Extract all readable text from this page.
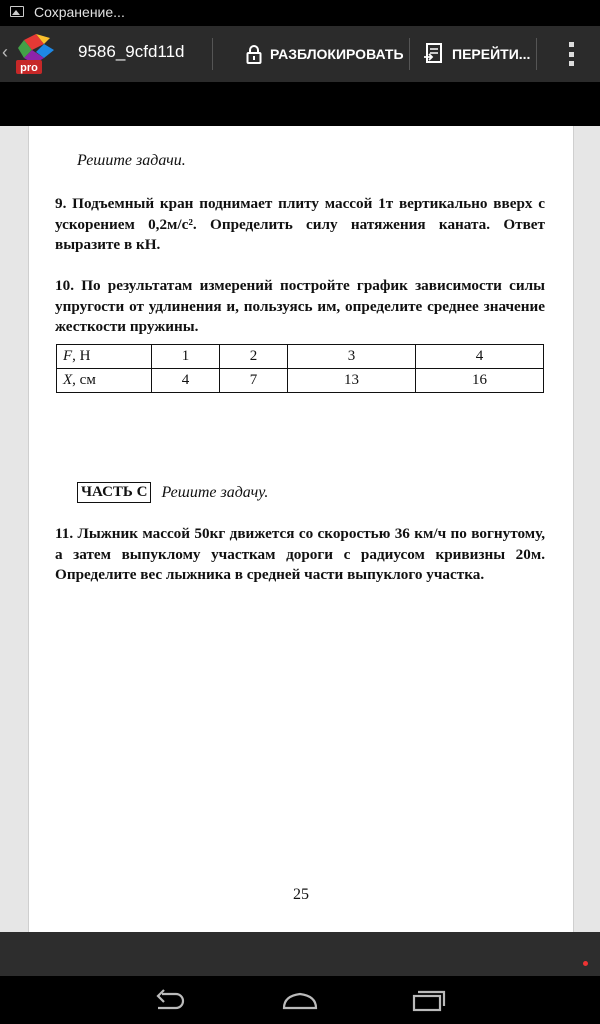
Сохранение...
‹
pro
9586_9cfd11d	РАЗБЛОКИРОВАТЬ	ПЕРЕЙТИ...
Решите задачи.
9. Подъемный кран поднимает плиту массой 1т вертикально вверх с ускорением 0,2м/с². Определить силу натяжения каната. Ответ выразите в кН.
10. По результатам измерений постройте график зависимости силы упругости от удлинения и, пользуясь им, определите среднее значение жесткости пружины.
F, Н	1	2	3	4
X, см	4	7	13	16
ЧАСТЬ С Решите задачу.
11. Лыжник массой 50кг движется со скоростью 36 км/ч по вогнутому, а затем выпуклому участкам дороги с радиусом кривизны 20м. Определите вес лыжника в средней части выпуклого участка.
25
